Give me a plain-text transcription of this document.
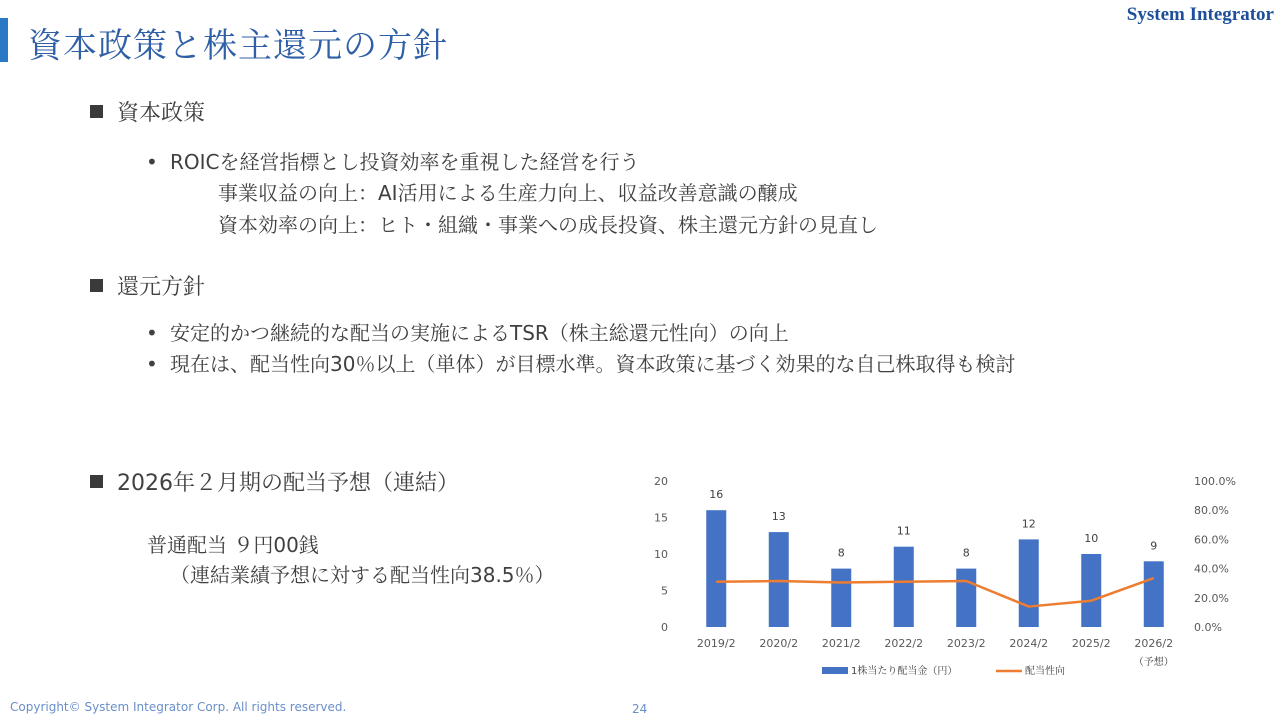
資本政策と株主還元の方針
System Integrator
資本政策
• ROICを経営指標とし投資効率を重視した経営を行う
事業収益の向上：AI活用による生産力向上、収益改善意識の醸成
資本効率の向上：ヒト・組織・事業への成長投資、株主還元方針の見直し
還元方針
• 安定的かつ継続的な配当の実施によるTSR（株主総還元性向）の向上
• 現在は、配当性向30％以上（単体）が目標水準。資本政策に基づく効果的な自己株取得も検討
2026年２月期の配当予想（連結）
普通配当 ９円00銭
（連結業績予想に対する配当性向38.5％）
0
5
10
15
20
0.0%
20.0%
40.0%
60.0%
80.0%
100.0%
16
2019/2
13
2020/2
8
2021/2
11
2022/2
8
2023/2
12
2024/2
10
2025/2
9
2026/2
（予想）
1株当たり配当金（円）	配当性向
Copyright© System Integrator Corp. All rights reserved.	24
